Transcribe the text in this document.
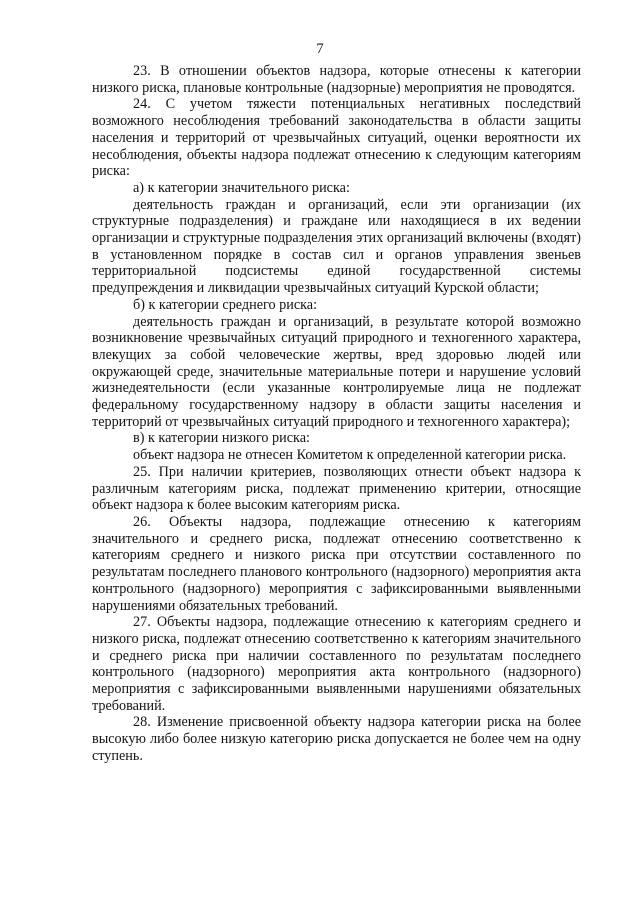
7

23. В отношении объектов надзора, которые отнесены к категории низкого риска, плановые контрольные (надзорные) мероприятия не проводятся.

24. С учетом тяжести потенциальных негативных последствий возможного несоблюдения требований законодательства в области защиты населения и территорий от чрезвычайных ситуаций, оценки вероятности их несоблюдения, объекты надзора подлежат отнесению к следующим категориям риска:

а) к категории значительного риска:

деятельность граждан и организаций, если эти организации (их структурные подразделения) и граждане или находящиеся в их ведении организации и структурные подразделения этих организаций включены (входят) в установленном порядке в состав сил и органов управления звеньев территориальной подсистемы единой государственной системы предупреждения и ликвидации чрезвычайных ситуаций Курской области;

б) к категории среднего риска:

деятельность граждан и организаций, в результате которой возможно возникновение чрезвычайных ситуаций природного и техногенного характера, влекущих за собой человеческие жертвы, вред здоровью людей или окружающей среде, значительные материальные потери и нарушение условий жизнедеятельности (если указанные контролируемые лица не подлежат федеральному государственному надзору в области защиты населения и территорий от чрезвычайных ситуаций природного и техногенного характера);

в) к категории низкого риска:

объект надзора не отнесен Комитетом к определенной категории риска.

25. При наличии критериев, позволяющих отнести объект надзора к различным категориям риска, подлежат применению критерии, относящие объект надзора к более высоким категориям риска.

26. Объекты надзора, подлежащие отнесению к категориям значительного и среднего риска, подлежат отнесению соответственно к категориям среднего и низкого риска при отсутствии составленного по результатам последнего планового контрольного (надзорного) мероприятия акта контрольного (надзорного) мероприятия с зафиксированными выявленными нарушениями обязательных требований.

27. Объекты надзора, подлежащие отнесению к категориям среднего и низкого риска, подлежат отнесению соответственно к категориям значительного и среднего риска при наличии составленного по результатам последнего контрольного (надзорного) мероприятия акта контрольного (надзорного) мероприятия с зафиксированными выявленными нарушениями обязательных требований.

28. Изменение присвоенной объекту надзора категории риска на более высокую либо более низкую категорию риска допускается не более чем на одну ступень.
